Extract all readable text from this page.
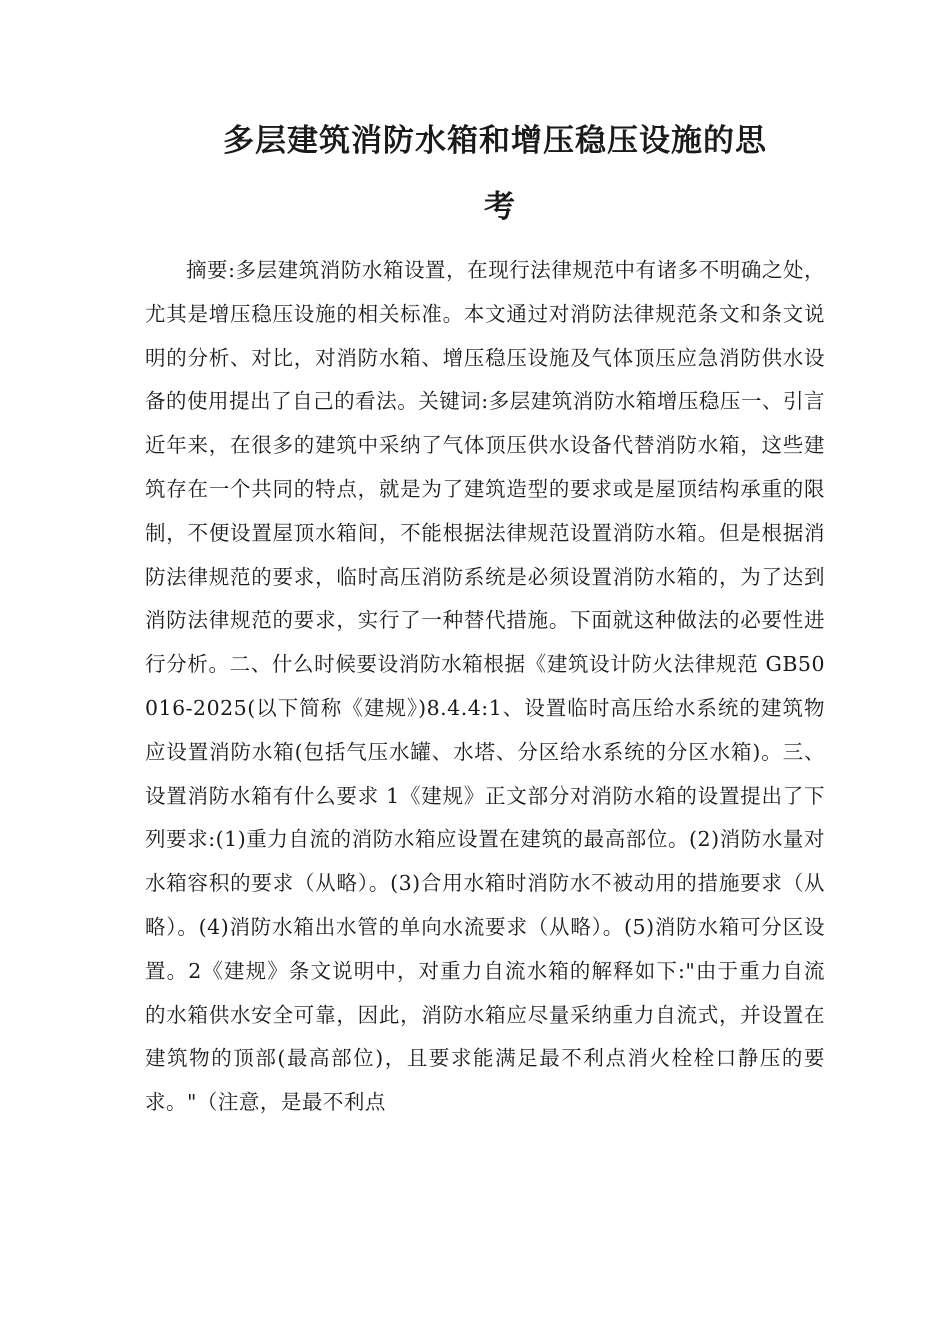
多层建筑消防水箱和增压稳压设施的思
考

摘要:多层建筑消防水箱设置，在现行法律规范中有诸多不明确之处，尤其是增压稳压设施的相关标准。本文通过对消防法律规范条文和条文说明的分析、对比，对消防水箱、增压稳压设施及气体顶压应急消防供水设备的使用提出了自己的看法。关键词:多层建筑消防水箱增压稳压一、引言近年来，在很多的建筑中采纳了气体顶压供水设备代替消防水箱，这些建筑存在一个共同的特点，就是为了建筑造型的要求或是屋顶结构承重的限制，不便设置屋顶水箱间，不能根据法律规范设置消防水箱。但是根据消防法律规范的要求，临时高压消防系统是必须设置消防水箱的，为了达到消防法律规范的要求，实行了一种替代措施。下面就这种做法的必要性进行分析。二、什么时候要设消防水箱根据《建筑设计防火法律规范 GB50016-2025(以下简称《建规》)8.4.4:1、设置临时高压给水系统的建筑物应设置消防水箱(包括气压水罐、水塔、分区给水系统的分区水箱)。三、设置消防水箱有什么要求 1《建规》正文部分对消防水箱的设置提出了下列要求:(1)重力自流的消防水箱应设置在建筑的最高部位。(2)消防水量对水箱容积的要求（从略）。(3)合用水箱时消防水不被动用的措施要求（从略）。(4)消防水箱出水管的单向水流要求（从略）。(5)消防水箱可分区设置。2《建规》条文说明中，对重力自流水箱的解释如下:"由于重力自流的水箱供水安全可靠，因此，消防水箱应尽量采纳重力自流式，并设置在建筑物的顶部(最高部位)，且要求能满足最不利点消火栓栓口静压的要求。"（注意，是最不利点
